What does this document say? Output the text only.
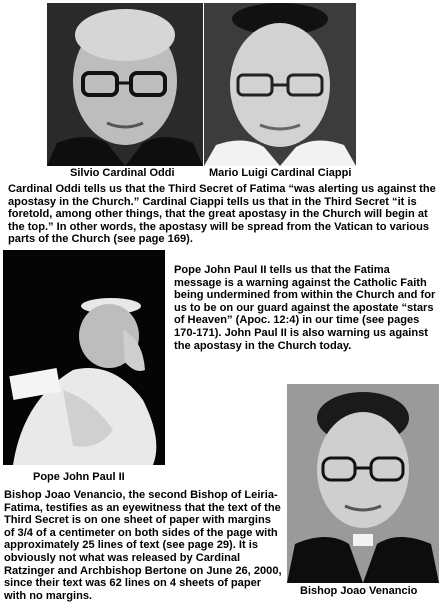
Silvio Cardinal Oddi	Mario Luigi Cardinal Ciappi

Cardinal Oddi tells us that the Third Secret of Fatima “was alerting us against the apostasy in the Church.” Cardinal Ciappi tells us that in the Third Secret “it is foretold, among other things, that the great apostasy in the Church will begin at the top.” In other words, the apostasy will be spread from the Vatican to various parts of the Church (see page 169).

Pope John Paul II tells us that the Fatima message is a warning against the Catholic Faith being undermined from within the Church and for us to be on our guard against the apostate “stars of Heaven” (Apoc. 12:4) in our time (see pages 170-171). John Paul II is also warning us against the apostasy in the Church today.

Pope John Paul II

Bishop Joao Venancio, the second Bishop of Leiria-Fatima, testifies as an eyewitness that the text of the Third Secret is on one sheet of paper with margins of 3/4 of a centimeter on both sides of the page with approximately 25 lines of text (see page 29). It is obviously not what was released by Cardinal Ratzinger and Archbishop Bertone on June 26, 2000, since their text was 62 lines on 4 sheets of paper with no margins.	Bishop Joao Venancio
